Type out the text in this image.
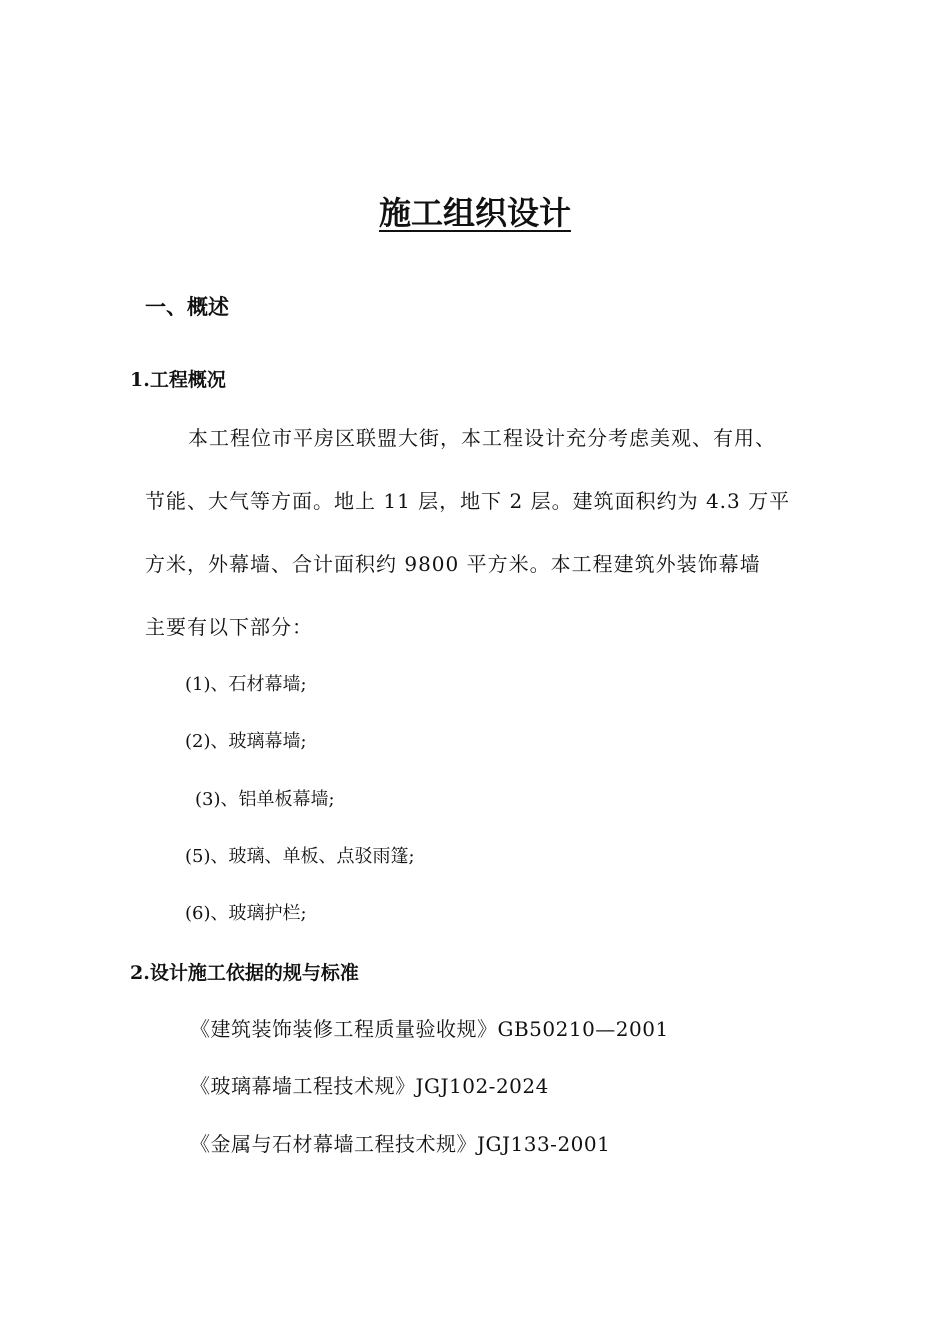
施工组织设计
一、概述
1.工程概况
本工程位市平房区联盟大街，本工程设计充分考虑美观、有用、
节能、大气等方面。地上 11 层，地下 2 层。建筑面积约为 4.3 万平
方米，外幕墙、合计面积约 9800 平方米。本工程建筑外装饰幕墙
主要有以下部分：
(1)、石材幕墙;
(2)、玻璃幕墙;
(3)、铝单板幕墙;
(5)、玻璃、单板、点驳雨篷;
(6)、玻璃护栏;
2.设计施工依据的规与标准
《建筑装饰装修工程质量验收规》GB50210—2001
《玻璃幕墙工程技术规》JGJ102-2024
《金属与石材幕墙工程技术规》JGJ133-2001
